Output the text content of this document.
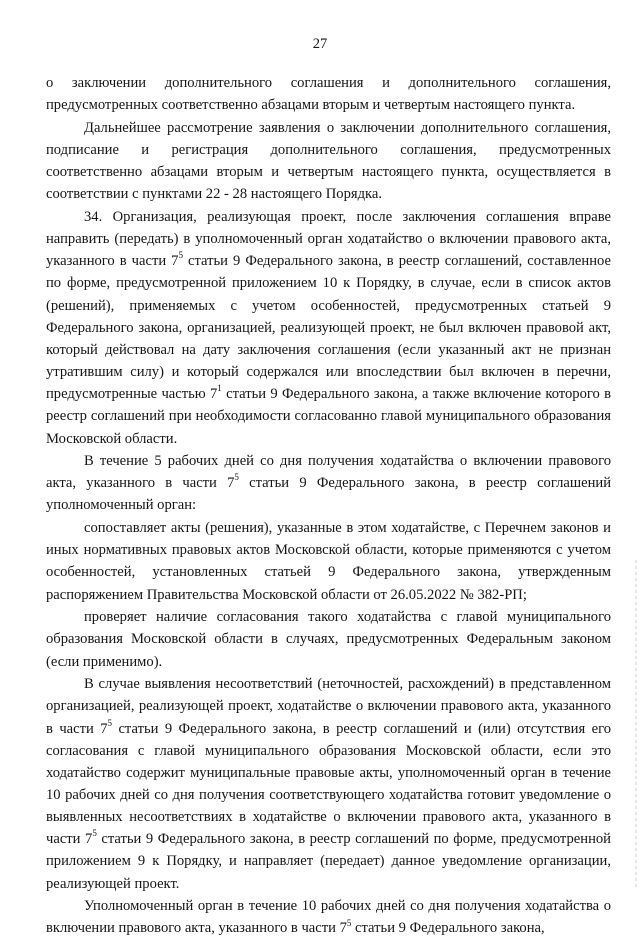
27

о заключении дополнительного соглашения и дополнительного соглашения, предусмотренных соответственно абзацами вторым и четвертым настоящего пункта.

Дальнейшее рассмотрение заявления о заключении дополнительного соглашения, подписание и регистрация дополнительного соглашения, предусмотренных соответственно абзацами вторым и четвертым настоящего пункта, осуществляется в соответствии с пунктами 22 - 28 настоящего Порядка.

34. Организация, реализующая проект, после заключения соглашения вправе направить (передать) в уполномоченный орган ходатайство о включении правового акта, указанного в части $7^5$ статьи 9 Федерального закона, в реестр соглашений, составленное по форме, предусмотренной приложением 10 к Порядку, в случае, если в список актов (решений), применяемых с учетом особенностей, предусмотренных статьей 9 Федерального закона, организацией, реализующей проект, не был включен правовой акт, который действовал на дату заключения соглашения (если указанный акт не признан утратившим силу) и который содержался или впоследствии был включен в перечни, предусмотренные частью $7^1$ статьи 9 Федерального закона, а также включение которого в реестр соглашений при необходимости согласованно главой муниципального образования Московской области.

В течение 5 рабочих дней со дня получения ходатайства о включении правового акта, указанного в части $7^5$ статьи 9 Федерального закона, в реестр соглашений уполномоченный орган:

сопоставляет акты (решения), указанные в этом ходатайстве, с Перечнем законов и иных нормативных правовых актов Московской области, которые применяются с учетом особенностей, установленных статьей 9 Федерального закона, утвержденным распоряжением Правительства Московской области от 26.05.2022 № 382-РП;

проверяет наличие согласования такого ходатайства с главой муниципального образования Московской области в случаях, предусмотренных Федеральным законом (если применимо).

В случае выявления несоответствий (неточностей, расхождений) в представленном организацией, реализующей проект, ходатайстве о включении правового акта, указанного в части $7^5$ статьи 9 Федерального закона, в реестр соглашений и (или) отсутствия его согласования с главой муниципального образования Московской области, если это ходатайство содержит муниципальные правовые акты, уполномоченный орган в течение 10 рабочих дней со дня получения соответствующего ходатайства готовит уведомление о выявленных несоответствиях в ходатайстве о включении правового акта, указанного в части $7^5$ статьи 9 Федерального закона, в реестр соглашений по форме, предусмотренной приложением 9 к Порядку, и направляет (передает) данное уведомление организации, реализующей проект.

Уполномоченный орган в течение 10 рабочих дней со дня получения ходатайства о включении правового акта, указанного в части $7^5$ статьи 9 Федерального закона,
